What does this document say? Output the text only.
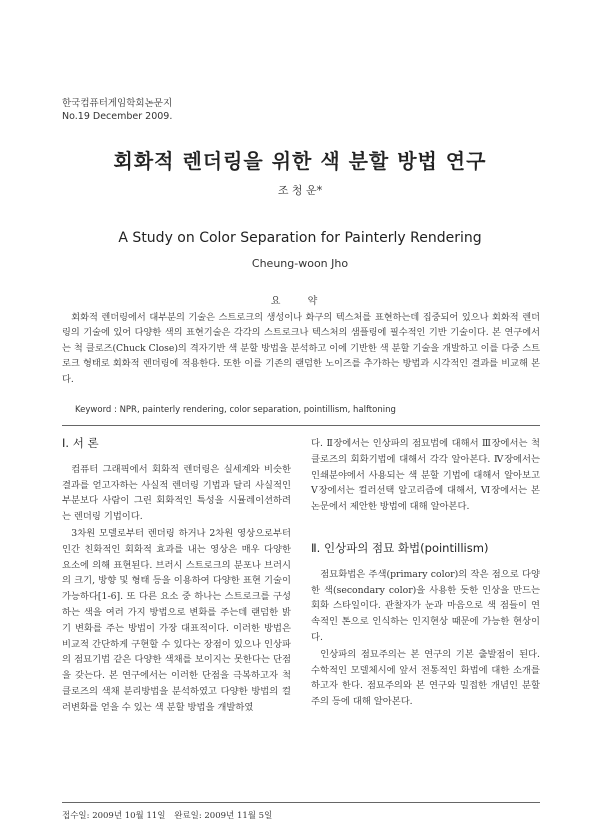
한국컴퓨터게임학회논문지
No.19 December 2009.
회화적 렌더링을 위한 색 분할 방법 연구
조 청 운*
A Study on Color Separation for Painterly Rendering
Cheung-woon Jho
요 약

회화적 렌더링에서 대부분의 기술은 스트로크의 생성이나 화구의 텍스처를 표현하는데 집중되어 있으나 회화적 렌더링의 기술에 있어 다양한 색의 표현기술은 각각의 스트로크나 텍스처의 샘플링에 필수적인 기반 기술이다. 본 연구에서는 척 클로즈(Chuck Close)의 격자기반 색 분할 방법을 분석하고 이에 기반한 색 분할 기술을 개발하고 이를 다중 스트로크 형태로 회화적 렌더링에 적용한다. 또한 이를 기존의 랜덤한 노이즈를 추가하는 방법과 시각적인 결과를 비교해 본다.

Keyword : NPR, painterly rendering, color separation, pointillism, halftoning
Ⅰ. 서 론

컴퓨터 그래픽에서 회화적 렌더링은 실세계와 비슷한 결과를 얻고자하는 사실적 렌더링 기법과 달리 사실적인 부분보다 사람이 그린 회화적인 특성을 시뮬레이션하려는 렌더링 기법이다.

3차원 모델로부터 렌더링 하거나 2차원 영상으로부터 인간 친화적인 회화적 효과를 내는 영상은 매우 다양한 요소에 의해 표현된다. 브러시 스트로크의 분포나 브러시의 크기, 방향 및 형태 등을 이용하여 다양한 표현 기술이 가능하다[1-6]. 또 다른 요소 중 하나는 스트로크를 구성하는 색을 여러 가지 방법으로 변화를 주는데 랜덤한 밝기 변화를 주는 방법이 가장 대표적이다. 이러한 방법은 비교적 간단하게 구현할 수 있다는 장점이 있으나 인상파의 점묘기법 같은 다양한 색채를 보이지는 못한다는 단점을 갖는다. 본 연구에서는 이러한 단점을 극복하고자 척 클로즈의 색채 분리방법을 분석하였고 다양한 방법의 컬러변화를 얻을 수 있는 색 분할 방법을 개발하였

다. Ⅱ장에서는 인상파의 점묘법에 대해서 Ⅲ장에서는 척 클로즈의 회화기법에 대해서 각각 알아본다. Ⅳ장에서는 인쇄분야에서 사용되는 색 분할 기법에 대해서 알아보고 Ⅴ장에서는 컬러선택 알고리즘에 대해서, Ⅵ장에서는 본 논문에서 제안한 방법에 대해 알아본다.

Ⅱ. 인상파의 점묘 화법(pointillism)

점묘화법은 주색(primary color)의 작은 점으로 다양한 색(secondary color)을 사용한 듯한 인상을 만드는 회화 스타일이다. 관찰자가 눈과 마음으로 색 점들이 연속적인 톤으로 인식하는 인지현상 때문에 가능한 현상이다.

인상파의 점묘주의는 본 연구의 기본 출발점이 된다. 수학적인 모델체시에 앞서 전통적인 화법에 대한 소개를 하고자 한다. 점묘주의와 본 연구와 밀접한 개념인 분할주의 등에 대해 알아본다.

접수일: 2009년 10월 11일 완료일: 2009년 11월 5일
